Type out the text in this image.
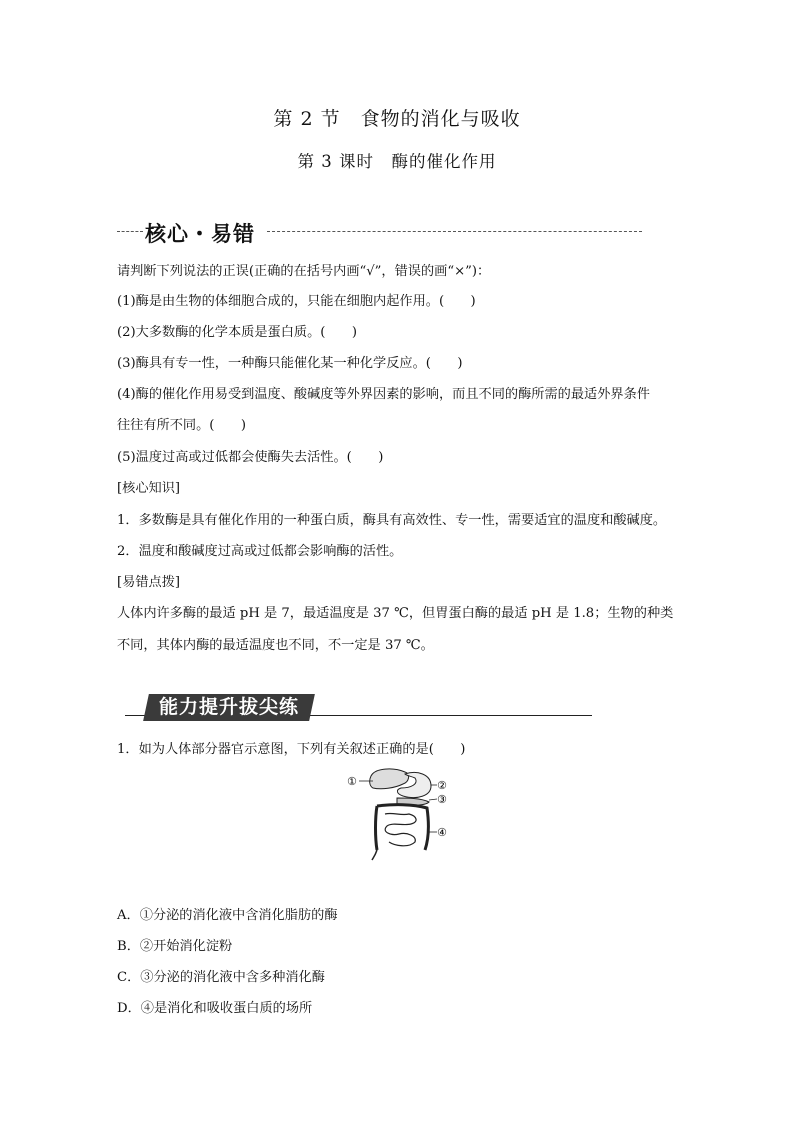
第 2 节　食物的消化与吸收
第 3 课时　酶的催化作用
核心・易错
请判断下列说法的正误(正确的在括号内画“√”，错误的画“×”)：
(1)酶是由生物的体细胞合成的，只能在细胞内起作用。(　　)
(2)大多数酶的化学本质是蛋白质。(　　)
(3)酶具有专一性，一种酶只能催化某一种化学反应。(　　)
(4)酶的催化作用易受到温度、酸碱度等外界因素的影响，而且不同的酶所需的最适外界条件
往往有所不同。(　　)
(5)温度过高或过低都会使酶失去活性。(　　)
[核心知识]
1．多数酶是具有催化作用的一种蛋白质，酶具有高效性、专一性，需要适宜的温度和酸碱度。
2．温度和酸碱度过高或过低都会影响酶的活性。
[易错点拨]
人体内许多酶的最适 pH 是 7，最适温度是 37 ℃，但胃蛋白酶的最适 pH 是 1.8；生物的种类
不同，其体内酶的最适温度也不同，不一定是 37 ℃。
能力提升拔尖练
1．如为人体部分器官示意图，下列有关叙述正确的是(　　)
①	②
③
④
A．①分泌的消化液中含消化脂肪的酶
B．②开始消化淀粉
C．③分泌的消化液中含多种消化酶
D．④是消化和吸收蛋白质的场所
